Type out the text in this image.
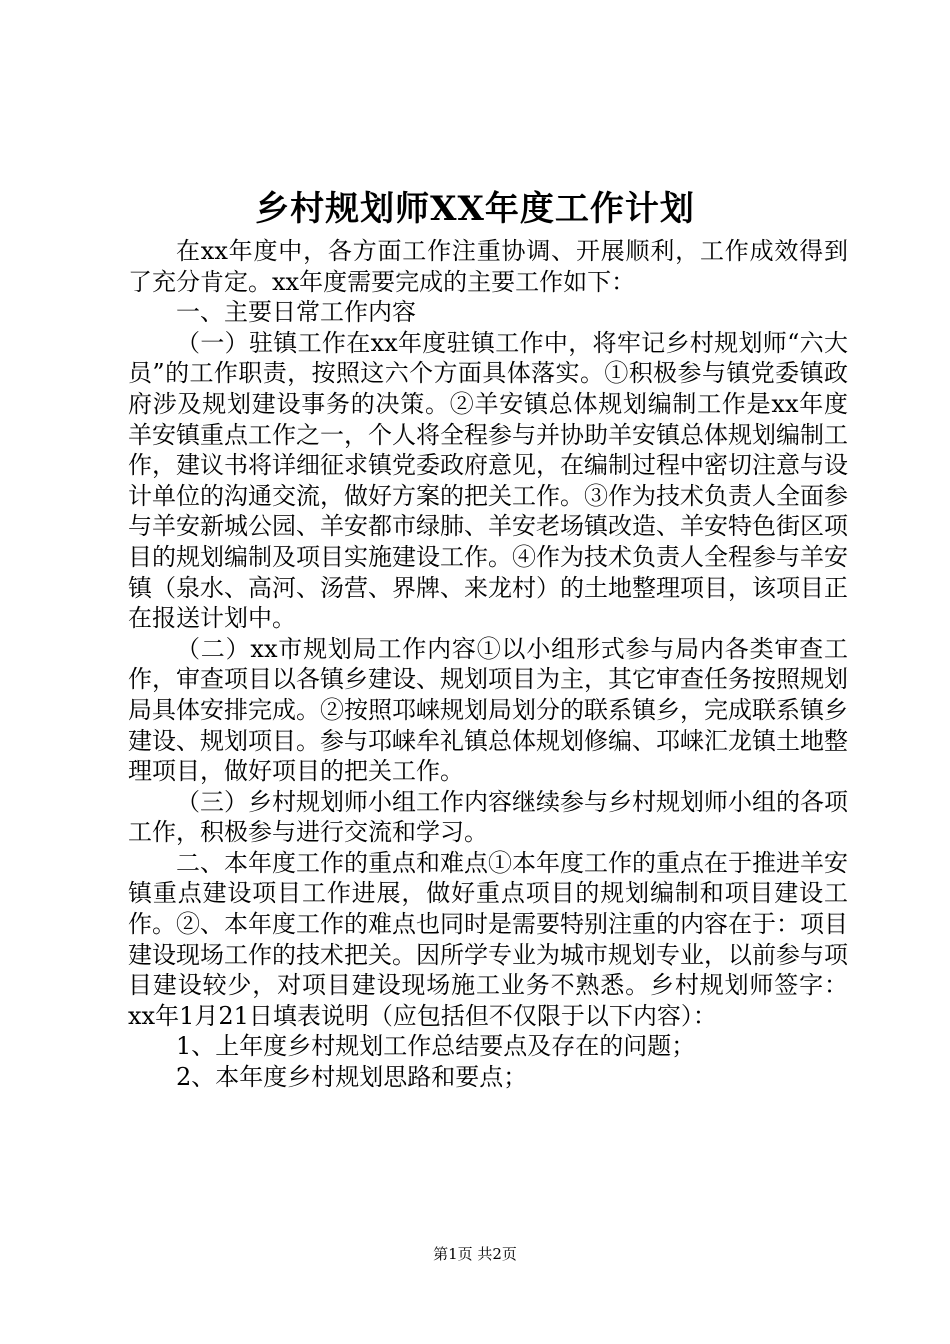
乡村规划师XX年度工作计划

在xx年度中，各方面工作注重协调、开展顺利，工作成效得到了充分肯定。xx年度需要完成的主要工作如下：

一、主要日常工作内容

（一）驻镇工作在xx年度驻镇工作中，将牢记乡村规划师“六大员”的工作职责，按照这六个方面具体落实。①积极参与镇党委镇政府涉及规划建设事务的决策。②羊安镇总体规划编制工作是xx年度羊安镇重点工作之一，个人将全程参与并协助羊安镇总体规划编制工作，建议书将详细征求镇党委政府意见，在编制过程中密切注意与设计单位的沟通交流，做好方案的把关工作。③作为技术负责人全面参与羊安新城公园、羊安都市绿肺、羊安老场镇改造、羊安特色街区项目的规划编制及项目实施建设工作。④作为技术负责人全程参与羊安镇（泉水、高河、汤营、界牌、来龙村）的土地整理项目，该项目正在报送计划中。

（二）xx市规划局工作内容①以小组形式参与局内各类审查工作，审查项目以各镇乡建设、规划项目为主，其它审查任务按照规划局具体安排完成。②按照邛崃规划局划分的联系镇乡，完成联系镇乡建设、规划项目。参与邛崃牟礼镇总体规划修编、邛崃汇龙镇土地整理项目，做好项目的把关工作。

（三）乡村规划师小组工作内容继续参与乡村规划师小组的各项工作，积极参与进行交流和学习。

二、本年度工作的重点和难点①本年度工作的重点在于推进羊安镇重点建设项目工作进展，做好重点项目的规划编制和项目建设工作。②、本年度工作的难点也同时是需要特别注重的内容在于：项目建设现场工作的技术把关。因所学专业为城市规划专业，以前参与项目建设较少，对项目建设现场施工业务不熟悉。乡村规划师签字：xx年1月21日填表说明（应包括但不仅限于以下内容）：

1、上年度乡村规划工作总结要点及存在的问题；

2、本年度乡村规划思路和要点；

第1页 共2页
